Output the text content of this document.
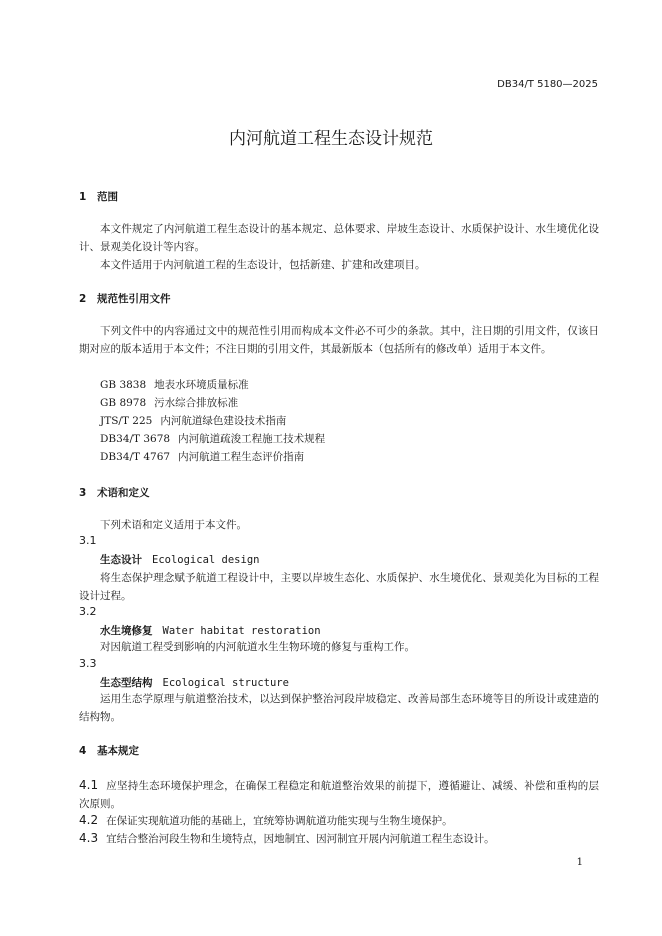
DB34/T 5180—2025
内河航道工程生态设计规范
1 范围

本文件规定了内河航道工程生态设计的基本规定、总体要求、岸坡生态设计、水质保护设计、水生境优化设计、景观美化设计等内容。

本文件适用于内河航道工程的生态设计，包括新建、扩建和改建项目。

2 规范性引用文件

下列文件中的内容通过文中的规范性引用而构成本文件必不可少的条款。其中，注日期的引用文件，仅该日期对应的版本适用于本文件；不注日期的引用文件，其最新版本（包括所有的修改单）适用于本文件。

GB 3838 地表水环境质量标准
GB 8978 污水综合排放标准
JTS/T 225 内河航道绿色建设技术指南
DB34/T 3678 内河航道疏浚工程施工技术规程
DB34/T 4767 内河航道工程生态评价指南
3 术语和定义

下列术语和定义适用于本文件。

3.1
生态设计 Ecological design

将生态保护理念赋予航道工程设计中，主要以岸坡生态化、水质保护、水生境优化、景观美化为目标的工程设计过程。

3.2
水生境修复 Water habitat restoration

对因航道工程受到影响的内河航道水生生物环境的修复与重构工作。

3.3
生态型结构 Ecological structure

运用生态学原理与航道整治技术，以达到保护整治河段岸坡稳定、改善局部生态环境等目的所设计或建造的结构物。

4 基本规定

4.1 应坚持生态环境保护理念，在确保工程稳定和航道整治效果的前提下，遵循避让、减缓、补偿和重构的层次原则。

4.2 在保证实现航道功能的基础上，宜统筹协调航道功能实现与生物生境保护。

4.3 宜结合整治河段生物和生境特点，因地制宜、因河制宜开展内河航道工程生态设计。

1
